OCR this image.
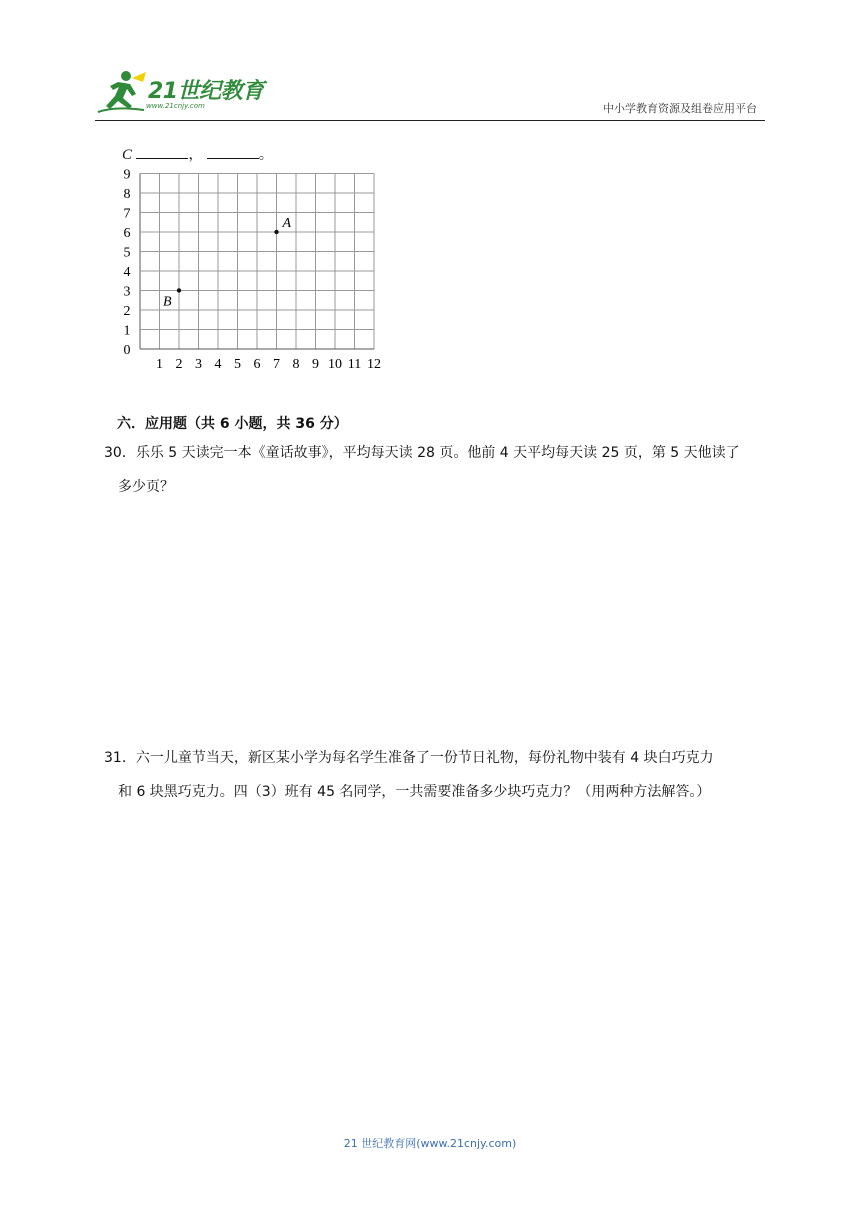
21世纪教育
www.21cnjy.com	中小学教育资源及组卷应用平台
C	，	。
1 2 3 4 5 6 7 8 9 10 11 12
0
1
2
3
4
5
6
7
8
9
A
B
六．应用题（共 6 小题，共 36 分）
30．乐乐 5 天读完一本《童话故事》，平均每天读 28 页。他前 4 天平均每天读 25 页，第 5 天他读了
多少页？
31．六一儿童节当天，新区某小学为每名学生准备了一份节日礼物，每份礼物中装有 4 块白巧克力
和 6 块黑巧克力。四（3）班有 45 名同学，一共需要准备多少块巧克力？（用两种方法解答。）
21 世纪教育网(www.21cnjy.com)
